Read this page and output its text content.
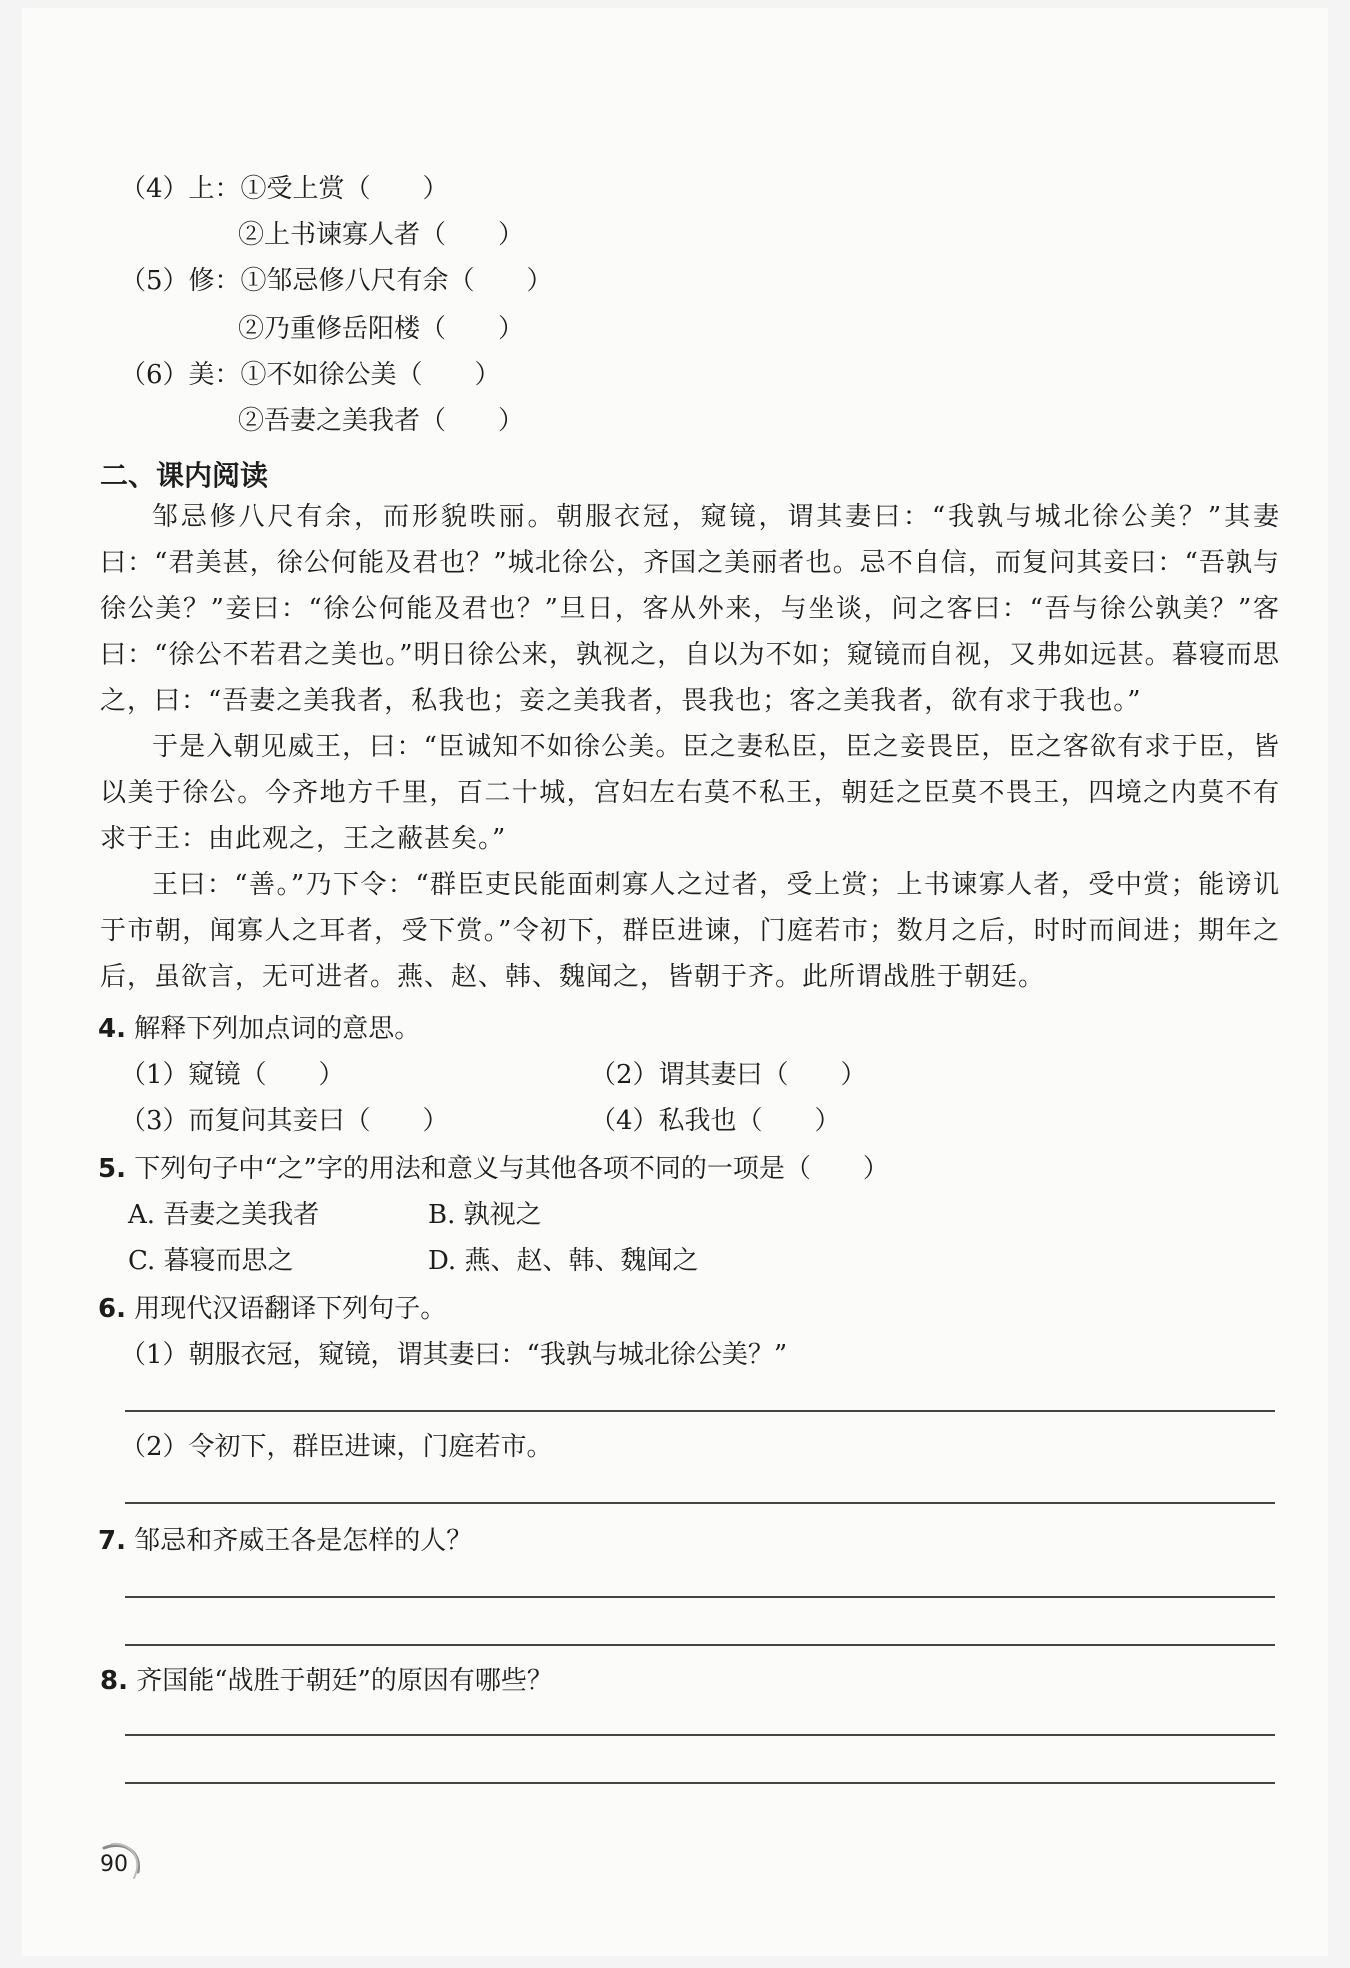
（4）上：①受上赏（　　）
②上书谏寡人者（　　）
（5）修：①邹忌修八尺有余（　　）
②乃重修岳阳楼（　　）
（6）美：①不如徐公美（　　）
②吾妻之美我者（　　）
二、课内阅读

邹忌修八尺有余，而形貌昳丽。朝服衣冠，窥镜，谓其妻曰：“我孰与城北徐公美？”其妻曰：“君美甚，徐公何能及君也？”城北徐公，齐国之美丽者也。忌不自信，而复问其妾曰：“吾孰与徐公美？”妾曰：“徐公何能及君也？”旦日，客从外来，与坐谈，问之客曰：“吾与徐公孰美？”客曰：“徐公不若君之美也。”明日徐公来，孰视之，自以为不如；窥镜而自视，又弗如远甚。暮寝而思之，曰：“吾妻之美我者，私我也；妾之美我者，畏我也；客之美我者，欲有求于我也。”

于是入朝见威王，曰：“臣诚知不如徐公美。臣之妻私臣，臣之妾畏臣，臣之客欲有求于臣，皆以美于徐公。今齐地方千里，百二十城，宫妇左右莫不私王，朝廷之臣莫不畏王，四境之内莫不有求于王：由此观之，王之蔽甚矣。”

王曰：“善。”乃下令：“群臣吏民能面刺寡人之过者，受上赏；上书谏寡人者，受中赏；能谤讥于市朝，闻寡人之耳者，受下赏。”令初下，群臣进谏，门庭若市；数月之后，时时而间进；期年之后，虽欲言，无可进者。燕、赵、韩、魏闻之，皆朝于齐。此所谓战胜于朝廷。

4. 解释下列加点词的意思。
（1）窥镜（　　）	（2）谓其妻曰（　　）
（3）而复问其妾曰（　　）	（4）私我也（　　）
5. 下列句子中“之”字的用法和意义与其他各项不同的一项是（　　）
A. 吾妻之美我者	B. 孰视之
C. 暮寝而思之	D. 燕、赵、韩、魏闻之
6. 用现代汉语翻译下列句子。
（1）朝服衣冠，窥镜，谓其妻曰：“我孰与城北徐公美？”
（2）令初下，群臣进谏，门庭若市。
7. 邹忌和齐威王各是怎样的人？
8. 齐国能“战胜于朝廷”的原因有哪些？
90
